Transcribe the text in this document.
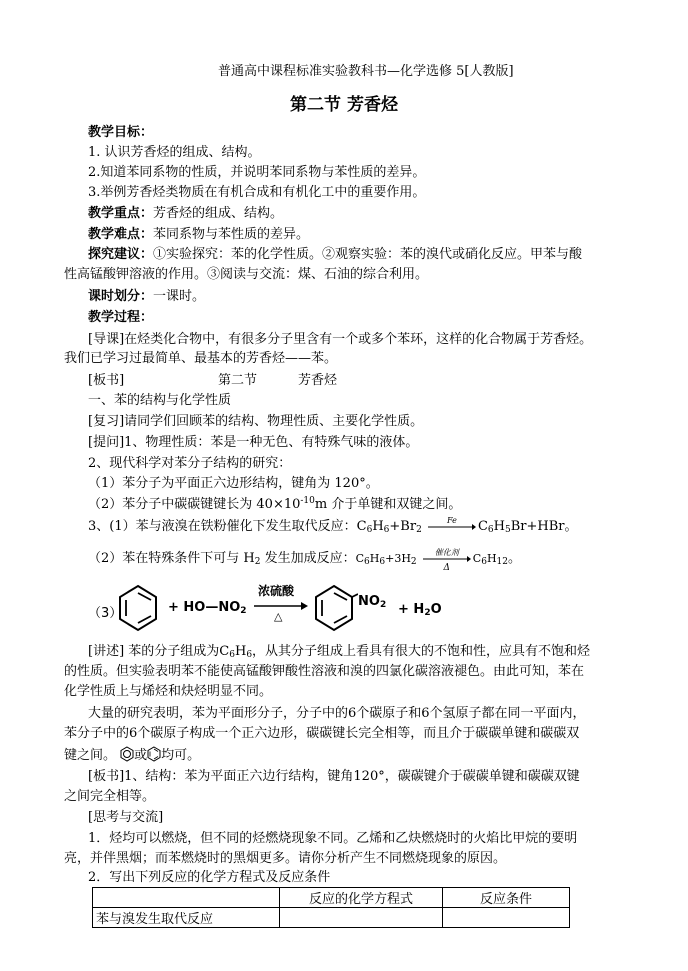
普通高中课程标准实验教科书—化学选修 5[人教版]
第二节 芳香烃
教学目标：
1. 认识芳香烃的组成、结构。
2.知道苯同系物的性质，并说明苯同系物与苯性质的差异。
3.举例芳香烃类物质在有机合成和有机化工中的重要作用。
教学重点：芳香烃的组成、结构。
教学难点：苯同系物与苯性质的差异。
探究建议：①实验探究：苯的化学性质。②观察实验：苯的溴代或硝化反应。甲苯与酸
性高锰酸钾溶液的作用。③阅读与交流：煤、石油的综合利用。
课时划分：一课时。
教学过程：
[导课]在烃类化合物中，有很多分子里含有一个或多个苯环，这样的化合物属于芳香烃。
我们已学习过最简单、最基本的芳香烃——苯。
[板书]	第二节	芳香烃
一、苯的结构与化学性质
[复习]请同学们回顾苯的结构、物理性质、主要化学性质。
[提问]1、物理性质：苯是一种无色、有特殊气味的液体。
2、现代科学对苯分子结构的研究：
（1）苯分子为平面正六边形结构，键角为 120°。
（2）苯分子中碳碳键键长为 $40\times 10^{-10}m$ 介于单键和双键之间。
3、(1）苯与液溴在铁粉催化下发生取代反应：$C_6H_6+Br_2$
Fe	$C_6H_5Br+HBr$。
（2）苯在特殊条件下可与 $H_2$ 发生加成反应：$C_6H_6+3H_2$
催化剂
Δ
$C_6H_{12}$。
（3）	+ $HO—NO_2$
浓硫酸
△
$NO_2 + H_2O$
[讲述] 苯的分子组成为$C_6H_6$，从其分子组成上看具有很大的不饱和性，应具有不饱和烃
的性质。但实验表明苯不能使高锰酸钾酸性溶液和溴的四氯化碳溶液褪色。由此可知，苯在
化学性质上与烯烃和炔烃明显不同。
大量的研究表明，苯为平面形分子，分子中的6个碳原子和6个氢原子都在同一平面内，
苯分子中的6个碳原子构成一个正六边形，碳碳键长完全相等，而且介于碳碳单键和碳碳双
键之间。 或 均可。
[板书]1、结构：苯为平面正六边行结构，键角120°，碳碳键介于碳碳单键和碳碳双键
之间完全相等。
[思考与交流]
1．烃均可以燃烧，但不同的烃燃烧现象不同。乙烯和乙炔燃烧时的火焰比甲烷的要明
亮，并伴黑烟；而苯燃烧时的黑烟更多。请你分析产生不同燃烧现象的原因。
2．写出下列反应的化学方程式及反应条件
	反应的化学方程式	反应条件
苯与溴发生取代反应		
